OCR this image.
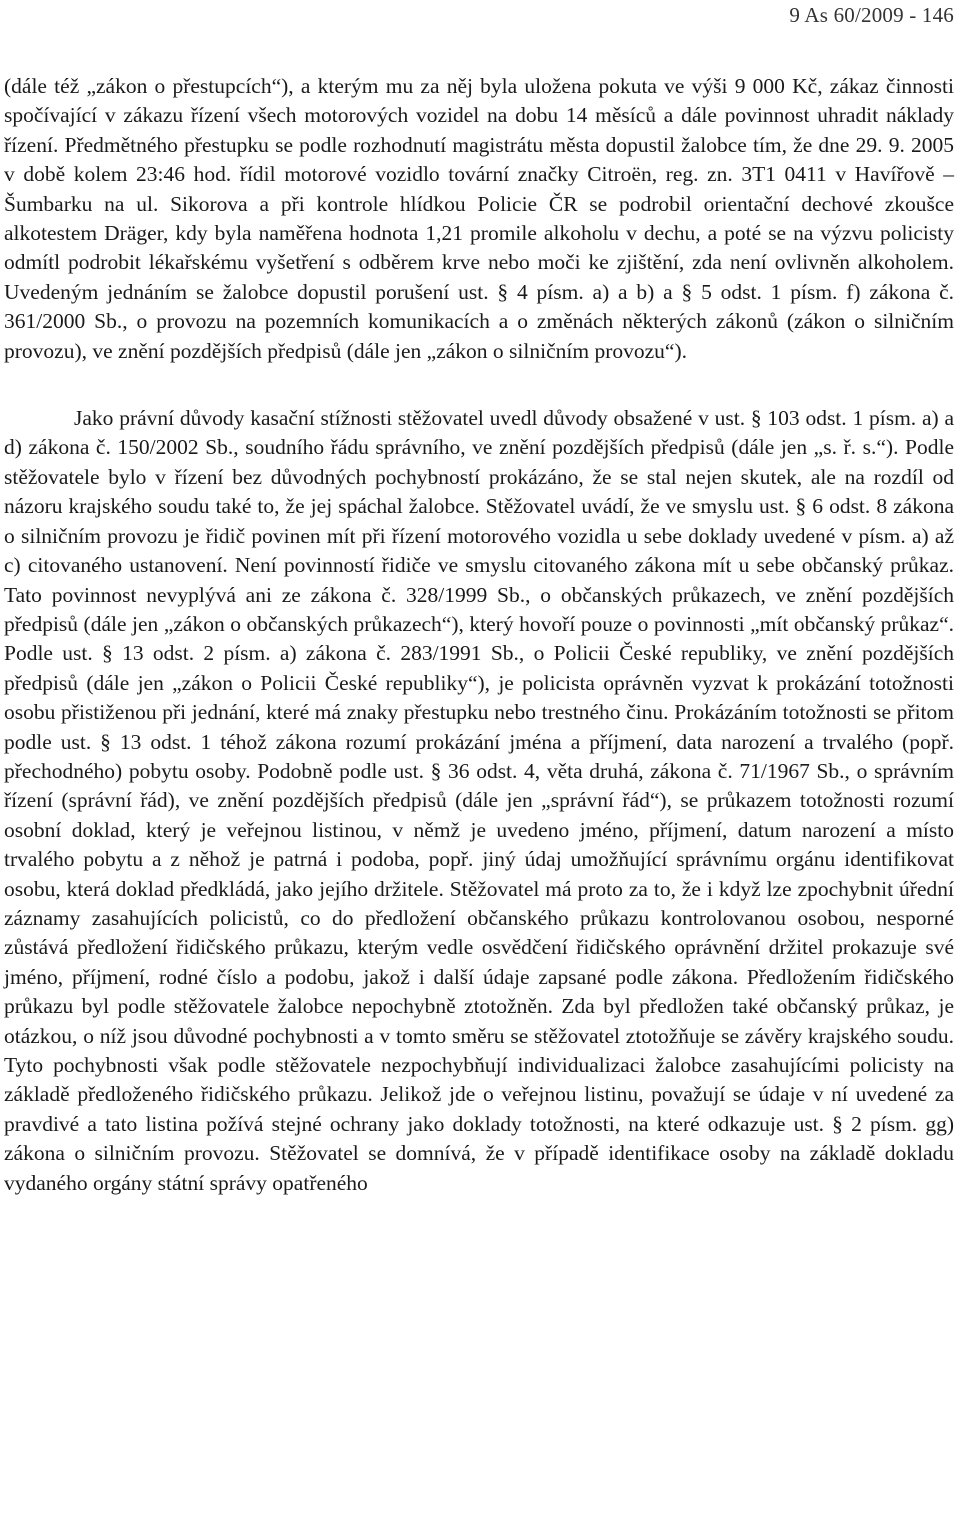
9 As 60/2009 - 146

(dále též „zákon o přestupcích“), a kterým mu za něj byla uložena pokuta ve výši 9 000 Kč, zákaz činnosti spočívající v zákazu řízení všech motorových vozidel na dobu 14 měsíců a dále povinnost uhradit náklady řízení. Předmětného přestupku se podle rozhodnutí magistrátu města dopustil žalobce tím, že dne 29. 9. 2005 v době kolem 23:46 hod. řídil motorové vozidlo tovární značky Citroën, reg. zn. 3T1 0411 v Havířově – Šumbarku na ul. Sikorova a při kontrole hlídkou Policie ČR se podrobil orientační dechové zkoušce alkotestem Dräger, kdy byla naměřena hodnota 1,21 promile alkoholu v dechu, a poté se na výzvu policisty odmítl podrobit lékařskému vyšetření s odběrem krve nebo moči ke zjištění, zda není ovlivněn alkoholem. Uvedeným jednáním se žalobce dopustil porušení ust. § 4 písm. a) a b) a § 5 odst. 1 písm. f) zákona č. 361/2000 Sb., o provozu na pozemních komunikacích a o změnách některých zákonů (zákon o silničním provozu), ve znění pozdějších předpisů (dále jen „zákon o silničním provozu“).

Jako právní důvody kasační stížnosti stěžovatel uvedl důvody obsažené v ust. § 103 odst. 1 písm. a) a d) zákona č. 150/2002 Sb., soudního řádu správního, ve znění pozdějších předpisů (dále jen „s. ř. s.“). Podle stěžovatele bylo v řízení bez důvodných pochybností prokázáno, že se stal nejen skutek, ale na rozdíl od názoru krajského soudu také to, že jej spáchal žalobce. Stěžovatel uvádí, že ve smyslu ust. § 6 odst. 8 zákona o silničním provozu je řidič povinen mít při řízení motorového vozidla u sebe doklady uvedené v písm. a) až c) citovaného ustanovení. Není povinností řidiče ve smyslu citovaného zákona mít u sebe občanský průkaz. Tato povinnost nevyplývá ani ze zákona č. 328/1999 Sb., o občanských průkazech, ve znění pozdějších předpisů (dále jen „zákon o občanských průkazech“), který hovoří pouze o povinnosti „mít občanský průkaz“. Podle ust. § 13 odst. 2 písm. a) zákona č. 283/1991 Sb., o Policii České republiky, ve znění pozdějších předpisů (dále jen „zákon o Policii České republiky“), je policista oprávněn vyzvat k prokázání totožnosti osobu přistiženou při jednání, které má znaky přestupku nebo trestného činu. Prokázáním totožnosti se přitom podle ust. § 13 odst. 1 téhož zákona rozumí prokázání jména a příjmení, data narození a trvalého (popř. přechodného) pobytu osoby. Podobně podle ust. § 36 odst. 4, věta druhá, zákona č. 71/1967 Sb., o správním řízení (správní řád), ve znění pozdějších předpisů (dále jen „správní řád“), se průkazem totožnosti rozumí osobní doklad, který je veřejnou listinou, v němž je uvedeno jméno, příjmení, datum narození a místo trvalého pobytu a z něhož je patrná i podoba, popř. jiný údaj umožňující správnímu orgánu identifikovat osobu, která doklad předkládá, jako jejího držitele. Stěžovatel má proto za to, že i když lze zpochybnit úřední záznamy zasahujících policistů, co do předložení občanského průkazu kontrolovanou osobou, nesporné zůstává předložení řidičského průkazu, kterým vedle osvědčení řidičského oprávnění držitel prokazuje své jméno, příjmení, rodné číslo a podobu, jakož i další údaje zapsané podle zákona. Předložením řidičského průkazu byl podle stěžovatele žalobce nepochybně ztotožněn. Zda byl předložen také občanský průkaz, je otázkou, o níž jsou důvodné pochybnosti a v tomto směru se stěžovatel ztotožňuje se závěry krajského soudu. Tyto pochybnosti však podle stěžovatele nezpochybňují individualizaci žalobce zasahujícími policisty na základě předloženého řidičského průkazu. Jelikož jde o veřejnou listinu, považují se údaje v ní uvedené za pravdivé a tato listina požívá stejné ochrany jako doklady totožnosti, na které odkazuje ust. § 2 písm. gg) zákona o silničním provozu. Stěžovatel se domnívá, že v případě identifikace osoby na základě dokladu vydaného orgány státní správy opatřeného
